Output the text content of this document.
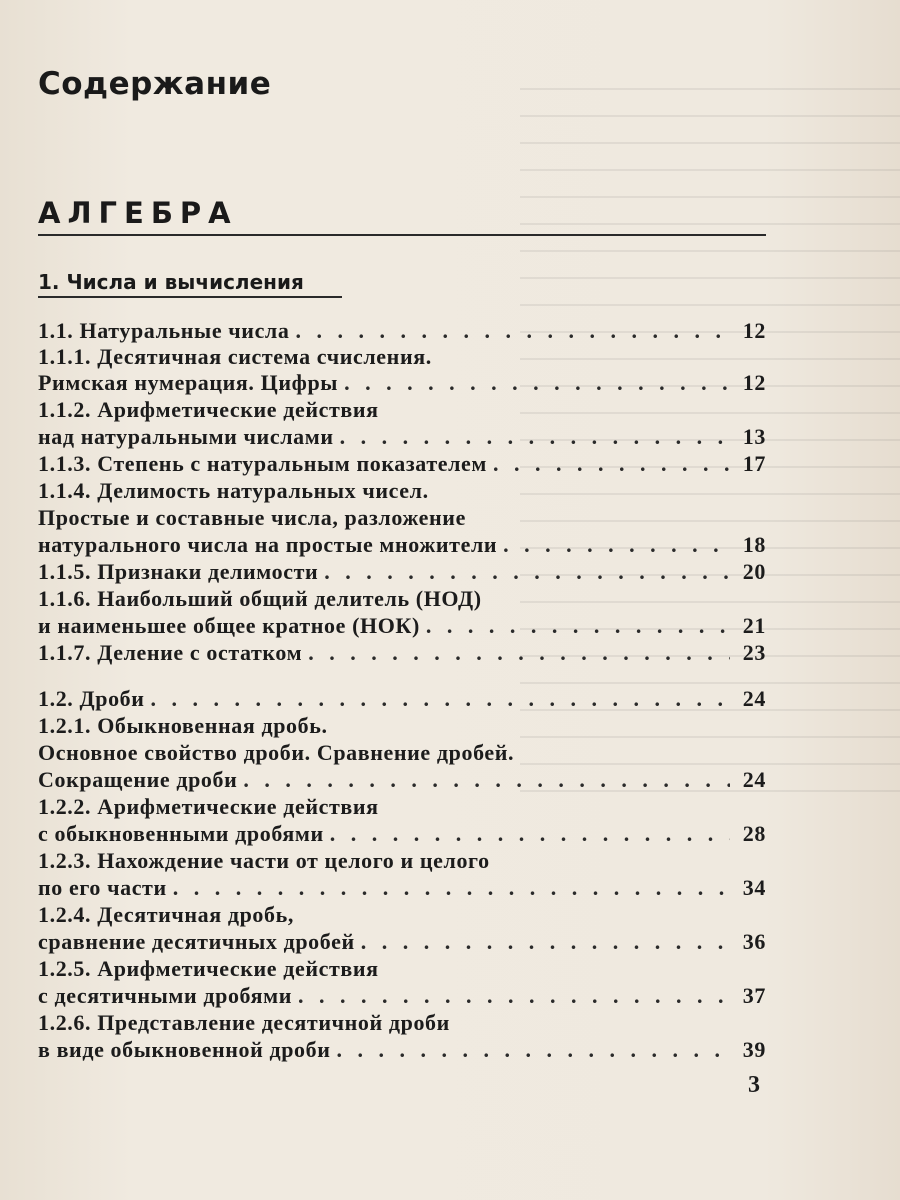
Содержание
АЛГЕБРА
1. Числа и вычисления
1.1. Натуральные числа . . .	12
1.1.1. Десятичная система счисления.
Римская нумерация. Цифры . . .	12
1.1.2. Арифметические действия
над натуральными числами . . .	13
1.1.3. Степень с натуральным показателем . . .	17
1.1.4. Делимость натуральных чисел.
Простые и составные числа, разложение
натурального числа на простые множители . . .	18
1.1.5. Признаки делимости . . .	20
1.1.6. Наибольший общий делитель (НОД)
и наименьшее общее кратное (НОК) . . .	21
1.1.7. Деление с остатком . . .	23
1.2. Дроби . . .	24
1.2.1. Обыкновенная дробь.
Основное свойство дроби. Сравнение дробей.
Сокращение дроби . . .	24
1.2.2. Арифметические действия
с обыкновенными дробями . . .	28
1.2.3. Нахождение части от целого и целого
по его части . . .	34
1.2.4. Десятичная дробь,
сравнение десятичных дробей . . .	36
1.2.5. Арифметические действия
с десятичными дробями . . .	37
1.2.6. Представление десятичной дроби
в виде обыкновенной дроби . . .	39
3
